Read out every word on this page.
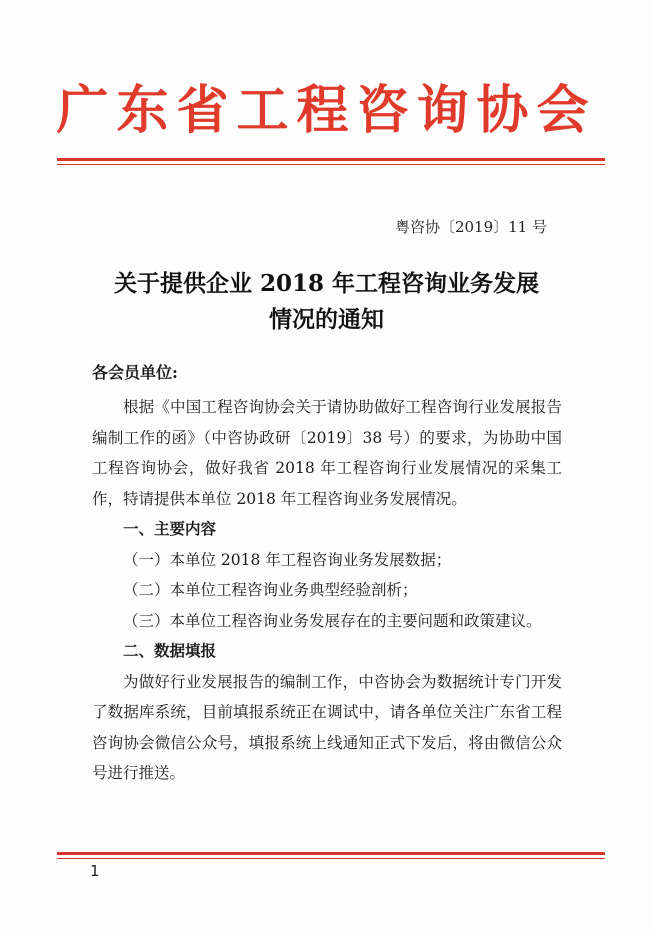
广东省工程咨询协会
粤咨协〔2019〕11 号
关于提供企业 2018 年工程咨询业务发展
情况的通知
各会员单位:

根据《中国工程咨询协会关于请协助做好工程咨询行业发展报告编制工作的函》（中咨协政研〔2019〕38 号）的要求，为协助中国工程咨询协会，做好我省 2018 年工程咨询行业发展情况的采集工作，特请提供本单位 2018 年工程咨询业务发展情况。

一、主要内容

（一）本单位 2018 年工程咨询业务发展数据；

（二）本单位工程咨询业务典型经验剖析；

（三）本单位工程咨询业务发展存在的主要问题和政策建议。

二、数据填报

为做好行业发展报告的编制工作，中咨协会为数据统计专门开发了数据库系统，目前填报系统正在调试中，请各单位关注广东省工程咨询协会微信公众号，填报系统上线通知正式下发后，将由微信公众号进行推送。

1
